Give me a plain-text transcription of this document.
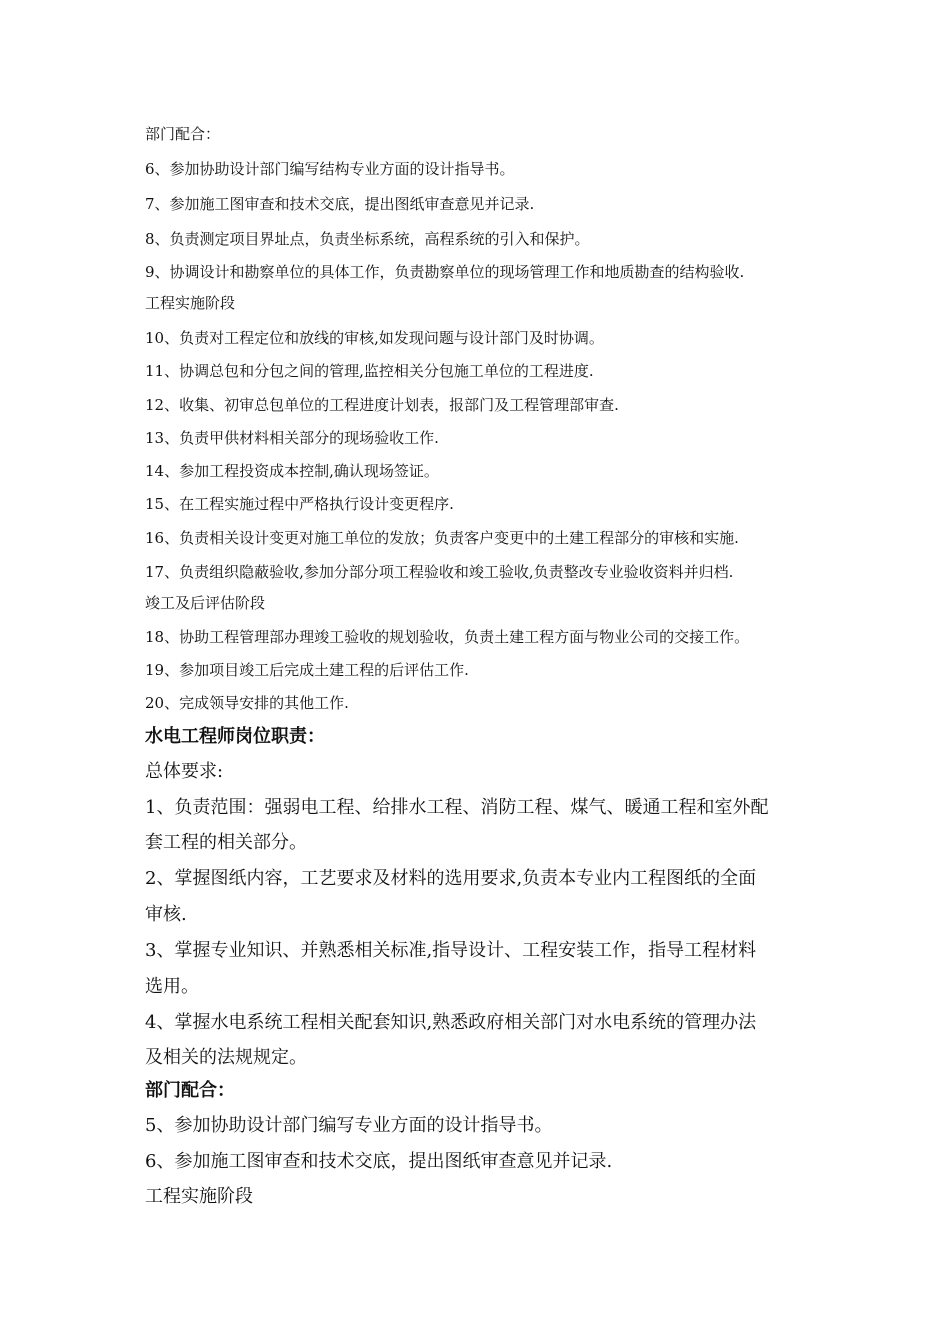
部门配合：
6、参加协助设计部门编写结构专业方面的设计指导书。
7、参加施工图审查和技术交底，提出图纸审查意见并记录.
8、负责测定项目界址点，负责坐标系统，高程系统的引入和保护。
9、协调设计和勘察单位的具体工作，负责勘察单位的现场管理工作和地质勘查的结构验收.
工程实施阶段
10、负责对工程定位和放线的审核,如发现问题与设计部门及时协调。
11、协调总包和分包之间的管理,监控相关分包施工单位的工程进度.
12、收集、初审总包单位的工程进度计划表，报部门及工程管理部审查.
13、负责甲供材料相关部分的现场验收工作.
14、参加工程投资成本控制,确认现场签证。
15、在工程实施过程中严格执行设计变更程序.
16、负责相关设计变更对施工单位的发放；负责客户变更中的土建工程部分的审核和实施.
17、负责组织隐蔽验收,参加分部分项工程验收和竣工验收,负责整改专业验收资料并归档.
竣工及后评估阶段
18、协助工程管理部办理竣工验收的规划验收，负责土建工程方面与物业公司的交接工作。
19、参加项目竣工后完成土建工程的后评估工作.
20、完成领导安排的其他工作.
水电工程师岗位职责：
总体要求:
1、负责范围：强弱电工程、给排水工程、消防工程、煤气、暖通工程和室外配
套工程的相关部分。
2、掌握图纸内容，工艺要求及材料的选用要求,负责本专业内工程图纸的全面
审核.
3、掌握专业知识、并熟悉相关标准,指导设计、工程安装工作，指导工程材料
选用。
4、掌握水电系统工程相关配套知识,熟悉政府相关部门对水电系统的管理办法
及相关的法规规定。
部门配合：
5、参加协助设计部门编写专业方面的设计指导书。
6、参加施工图审查和技术交底，提出图纸审查意见并记录.
工程实施阶段
